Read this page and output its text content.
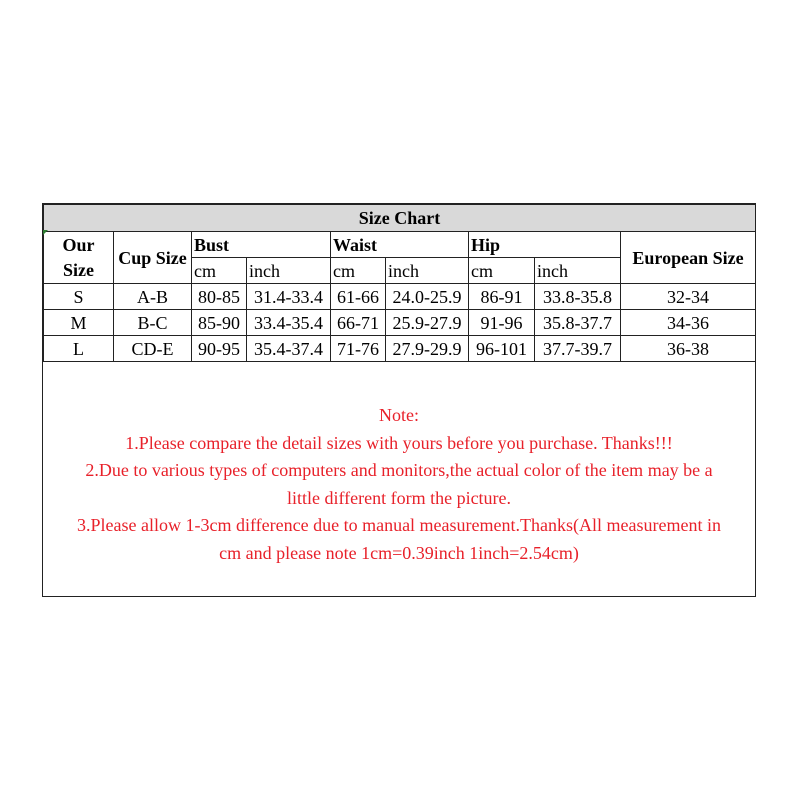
Size Chart								
Our Size	Cup Size	Bust		Waist		Hip		European Size
		cm	inch	cm	inch	cm	inch	
S	A-B	80-85	31.4-33.4	61-66	24.0-25.9	86-91	33.8-35.8	32-34
M	B-C	85-90	33.4-35.4	66-71	25.9-27.9	91-96	35.8-37.7	34-36
L	CD-E	90-95	35.4-37.4	71-76	27.9-29.9	96-101	37.7-39.7	36-38
Note:
1.Please compare the detail sizes with yours before you purchase. Thanks!!!
2.Due to various types of computers and monitors,the actual color of the item may be a
little different form the picture.
3.Please allow 1-3cm difference due to manual measurement.Thanks(All measurement in
cm and please note 1cm=0.39inch 1inch=2.54cm)
